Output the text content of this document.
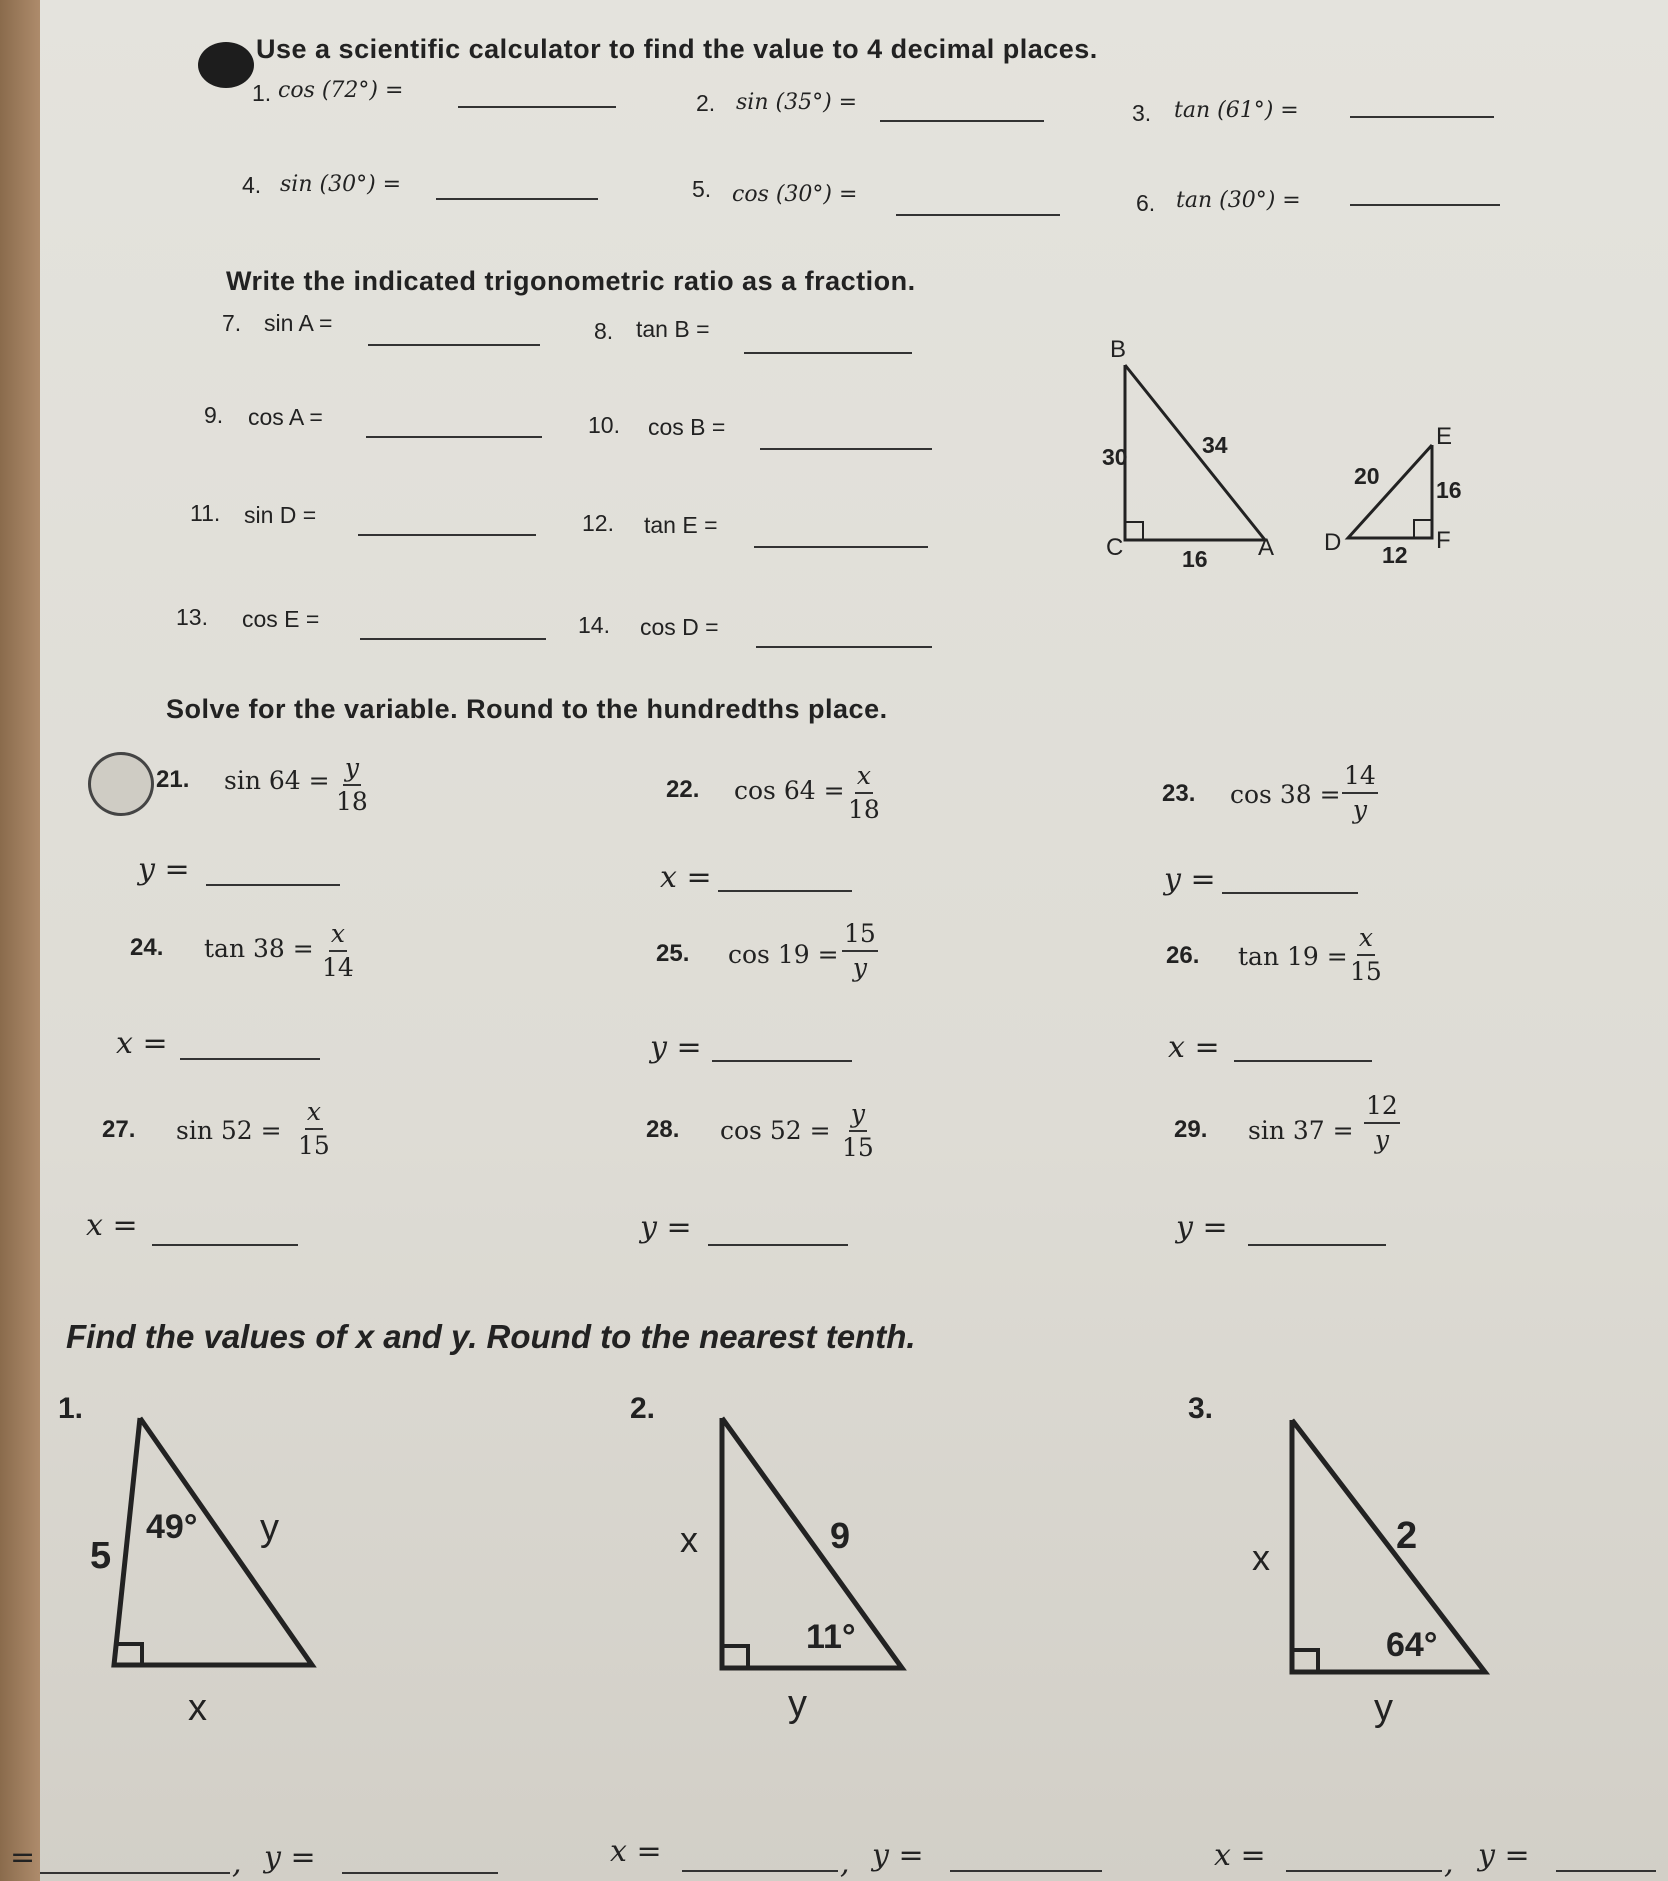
Use a scientific calculator to find the value to 4 decimal places.
1. cos (72°) =	2. sin (35°) =	3. tan (61°) =
4. sin (30°) =	5. cos (30°) =	6. tan (30°) =
Write the indicated trigonometric ratio as a fraction.
7. sin A =	8. tan B =
9. cos A =	10. cos B =
11. sin D =	12. tan E =
13. cos E =	14. cos D =
B
C	A
30	34
16
E
D	F
20
16
12
Solve for the variable. Round to the hundredths place.
21. $\sin 64 = \frac{y}{18}$
y =
22. $\cos 64 = \frac{x}{18}$
x =
23. $\cos 38 = \frac{14}{y}$
y =
24. $\tan 38 = \frac{x}{14}$
x =
25. $\cos 19 = \frac{15}{y}$
y =
26. $\tan 19 = \frac{x}{15}$
x =
27. $\sin 52 = \frac{x}{15}$
x =
28. $\cos 52 = \frac{y}{15}$
y =
29. $\sin 37 = \frac{12}{y}$
y =
Find the values of x and y. Round to the nearest tenth.
1.	2.	3.
5
49° y
x
x	9
11°
y
x
2
64°
y
=	, y =	x =	, y =	x =	, y =
